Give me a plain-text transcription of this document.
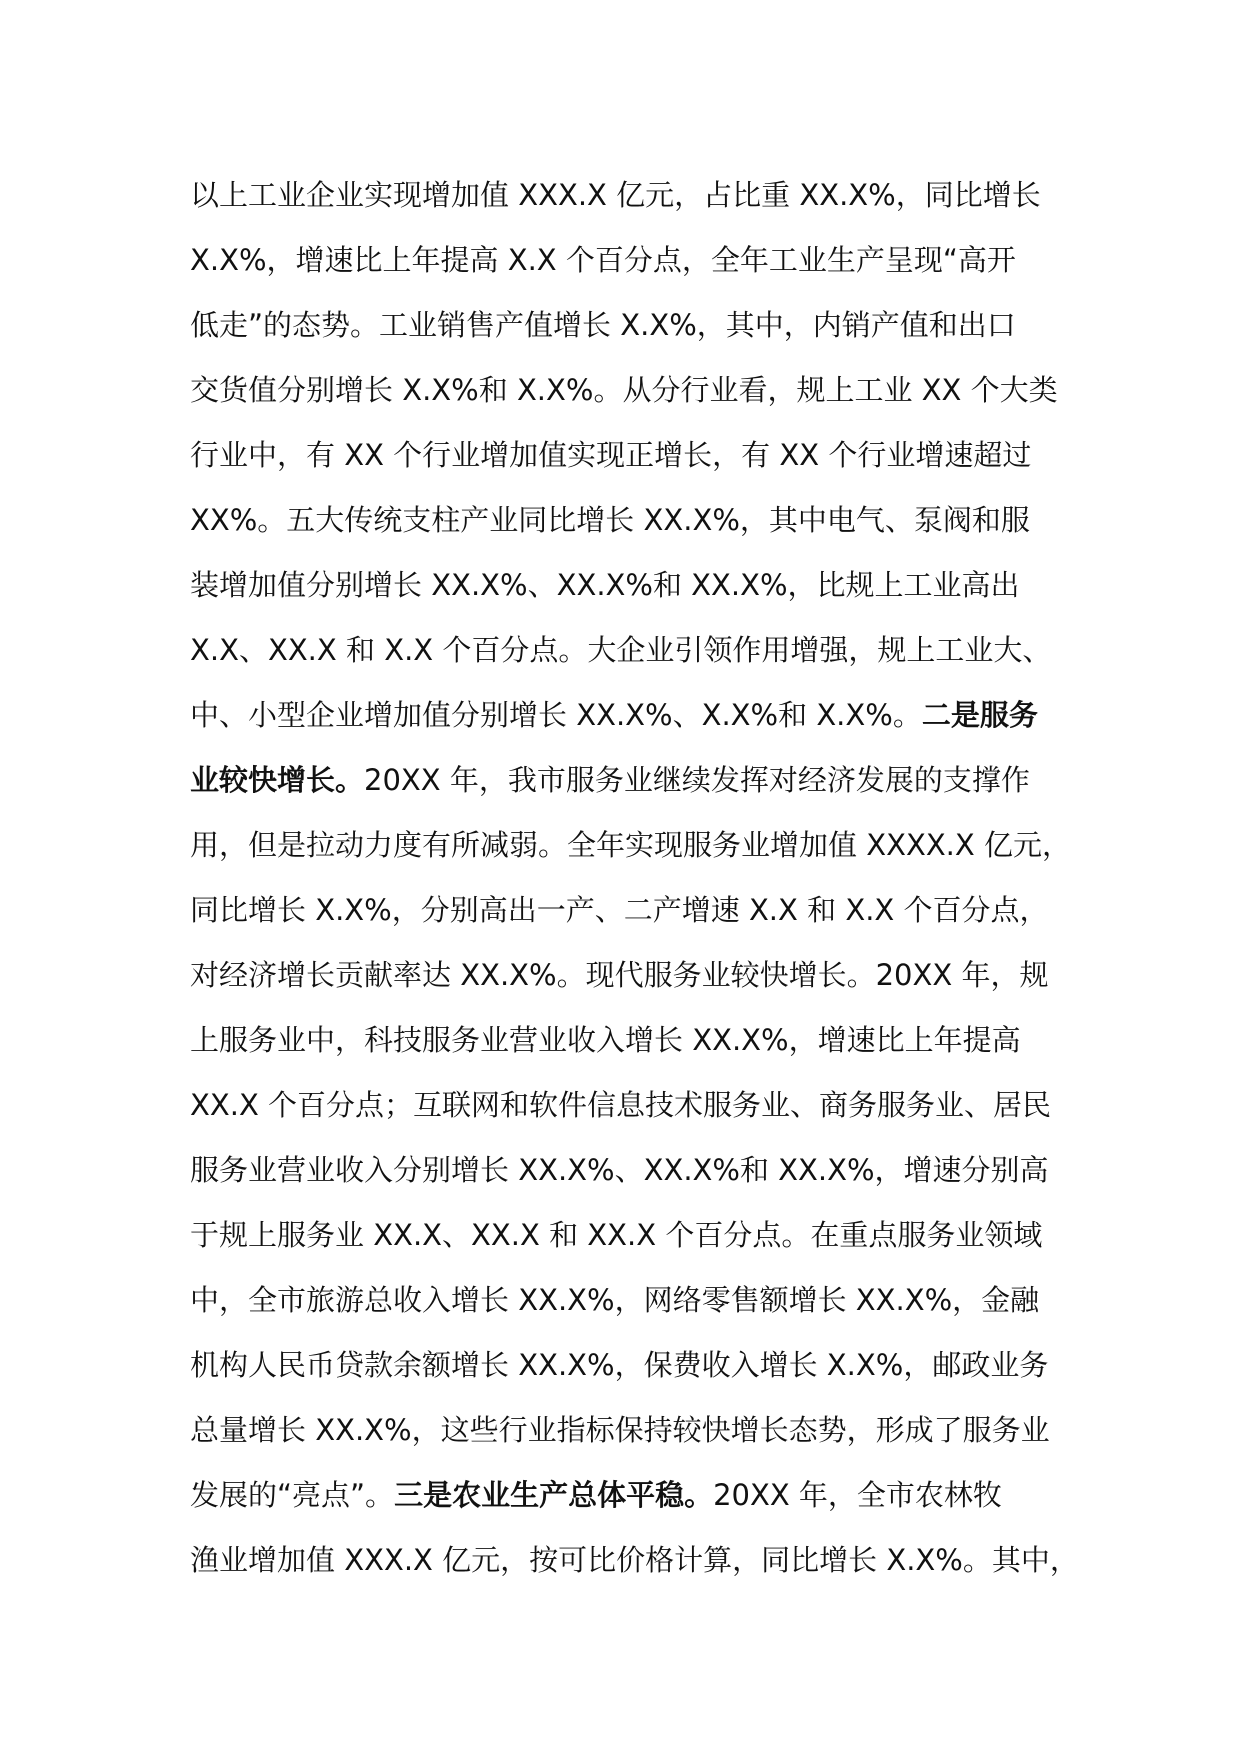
以上工业企业实现增加值 XXX.X 亿元，占比重 XX.X%，同比增长
X.X%，增速比上年提高 X.X 个百分点，全年工业生产呈现“高开
低走”的态势。工业销售产值增长 X.X%，其中，内销产值和出口
交货值分别增长 X.X%和 X.X%。从分行业看，规上工业 XX 个大类
行业中，有 XX 个行业增加值实现正增长，有 XX 个行业增速超过
XX%。五大传统支柱产业同比增长 XX.X%，其中电气、泵阀和服
装增加值分别增长 XX.X%、XX.X%和 XX.X%，比规上工业高出
X.X、XX.X 和 X.X 个百分点。大企业引领作用增强，规上工业大、
中、小型企业增加值分别增长 XX.X%、X.X%和 X.X%。二是服务
业较快增长。20XX 年，我市服务业继续发挥对经济发展的支撑作
用，但是拉动力度有所减弱。全年实现服务业增加值 XXXX.X 亿元，
同比增长 X.X%，分别高出一产、二产增速 X.X 和 X.X 个百分点，
对经济增长贡献率达 XX.X%。现代服务业较快增长。20XX 年，规
上服务业中，科技服务业营业收入增长 XX.X%，增速比上年提高
XX.X 个百分点；互联网和软件信息技术服务业、商务服务业、居民
服务业营业收入分别增长 XX.X%、XX.X%和 XX.X%，增速分别高
于规上服务业 XX.X、XX.X 和 XX.X 个百分点。在重点服务业领域
中，全市旅游总收入增长 XX.X%，网络零售额增长 XX.X%，金融
机构人民币贷款余额增长 XX.X%，保费收入增长 X.X%，邮政业务
总量增长 XX.X%，这些行业指标保持较快增长态势，形成了服务业
发展的“亮点”。三是农业生产总体平稳。20XX 年，全市农林牧
渔业增加值 XXX.X 亿元，按可比价格计算，同比增长 X.X%。其中，
